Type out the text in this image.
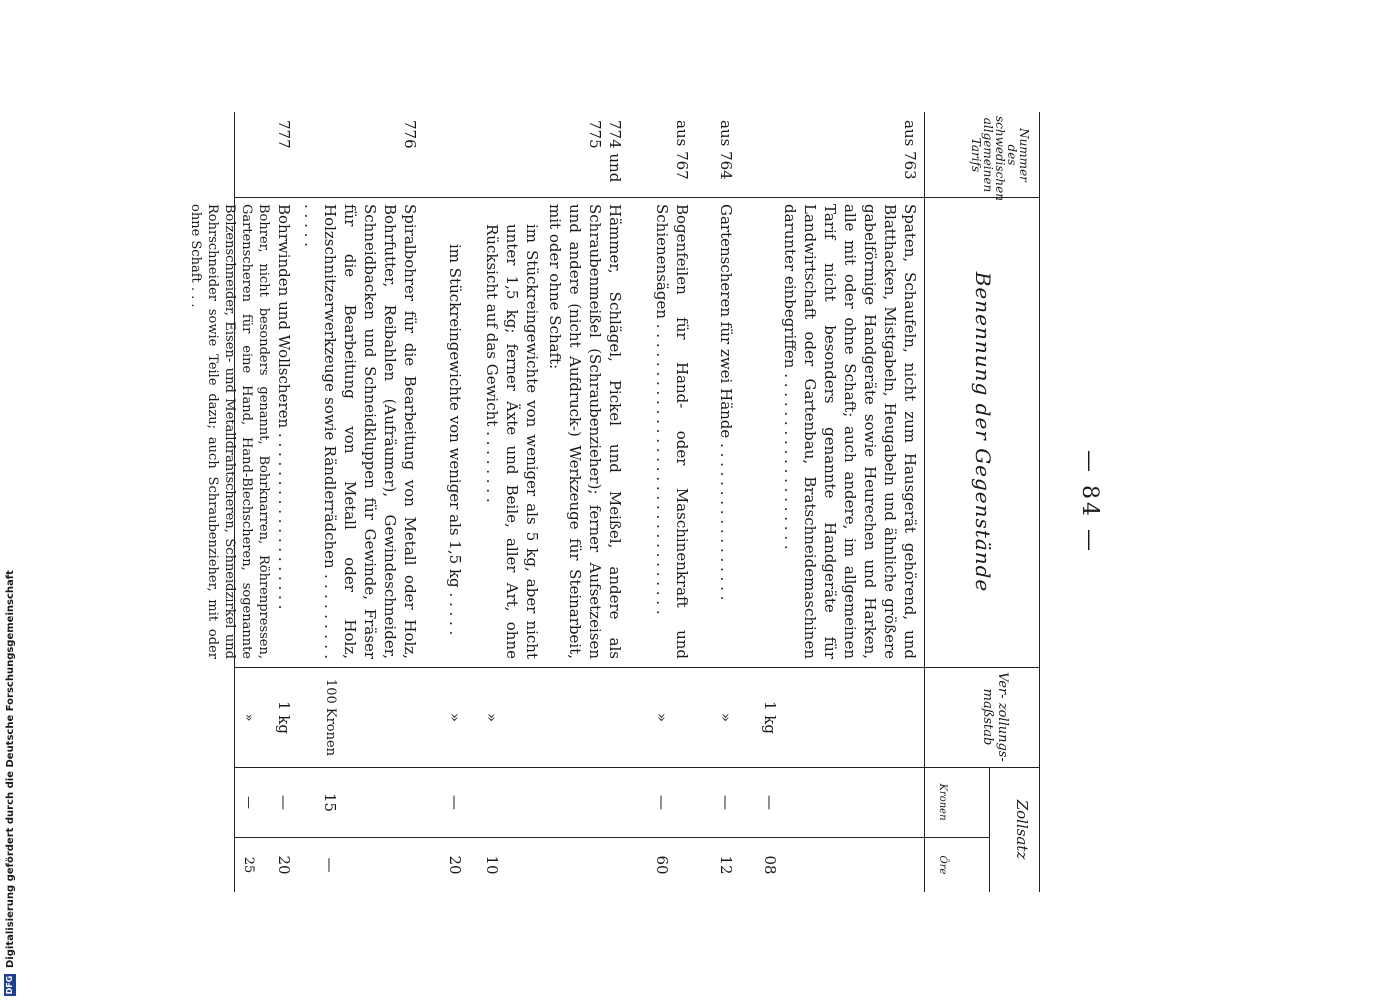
DFG
Digitalisierung gefördert durch die Deutsche Forschungsgemeinschaft
— 84 —
Nummer des schwedischen allgemeinen Tarifs
Benennung der Gegenstände
Ver- zollungs- maßstab
Zollsatz
Kronen
Öre
aus 763
Spaten, Schaufeln, nicht zum Hausgerät gehörend, und Blatthacken, Mistgabeln, Heugabeln und ähnliche größere gabelförmige Handgeräte sowie Heurechen und Harken, alle mit oder ohne Schaft; auch andere, im allgemeinen Tarif nicht besonders genannte Handgeräte für Landwirtschaft oder Gartenbau, Bratschneidemaschinen darunter einbegriffen . . . . . . . . . . . . . . . . . . .
1 kg
—
08
aus 764
Gartenscheren für zwei Hände . . . . . . . . . . . . . . . . .
»
—
12
aus 767
Bogenfeilen für Hand- oder Maschinenkraft und Schienensägen . . . . . . . . . . . . . . . . . . . . . . . . . . . . . . .
»
—
60
774 und 775
Hämmer, Schlägel, Pickel und Meißel, andere als Schraubenmeißel (Schraubenzieher); ferner Aufsetzeisen und andere (nicht Aufdruck-) Werkzeuge für Steinarbeit, mit oder ohne Schaft:
im Stückreingewichte von weniger als 5 kg, aber nicht unter 1,5 kg; ferner Äxte und Beile, aller Art, ohne Rücksicht auf das Gewicht . . . . . . . .
»
10
im Stückreingewichte von weniger als 1,5 kg . . . . .
»
—
20
776
Spiralbohrer für die Bearbeitung von Metall oder Holz, Bohrfutter, Reibahlen (Aufräumer), Gewindeschneider, Schneidbacken und Schneidkluppen für Gewinde, Fräser für die Bearbeitung von Metall oder Holz, Holzschnitzerwerkzeuge sowie Rändlerrädchen . . . . . . . . . . . . . .
100 Kronen
15
—
777
Bohrwinden und Wollscheren . . . . . . . . . . . . . . . . . . .
1 kg
—
20
Bohrer, nicht besonders genannt, Bohrknarren, Röhrenpressen, Gartenscheren für eine Hand, Hand-Blechscheren, sogenannte Bolzenschneider, Eisen- und Metalldrahtscheren, Schneidzirkel und Rohrschneider sowie Teile dazu; auch Schraubenzieher, mit oder ohne Schaft . . .
»
—
25
